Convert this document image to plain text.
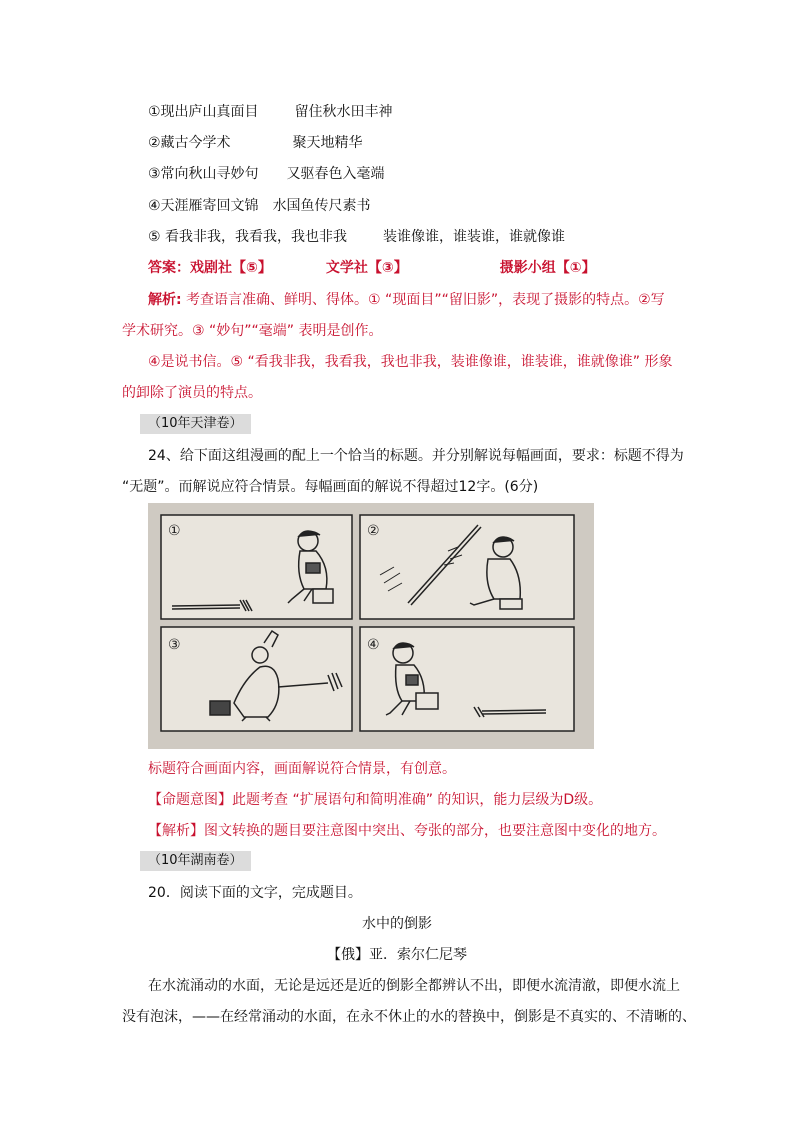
①现出庐山真面目	留住秋水田丰神
②藏古今学术	聚天地精华
③常向秋山寻妙句 又驱春色入毫端
④天涯雁寄回文锦 水国鱼传尺素书
⑤ 看我非我，我看我，我也非我	装谁像谁，谁装谁，谁就像谁
答案：戏剧社【⑤】	文学社【③】	摄影小组【①】
解析: 考查语言准确、鲜明、得体。① “现面目”“留旧影”，表现了摄影的特点。②写
学术研究。③ “妙句”“毫端” 表明是创作。
④是说书信。⑤ “看我非我，我看我，我也非我，装谁像谁，谁装谁，谁就像谁” 形象
的卸除了演员的特点。
（10年天津卷）
24、给下面这组漫画的配上一个恰当的标题。并分别解说每幅画面，要求：标题不得为
“无题”。而解说应符合情景。每幅画面的解说不得超过12字。(6分)
①	②
③	④
标题符合画面内容，画面解说符合情景，有创意。
【命题意图】此题考查 “扩展语句和简明准确” 的知识，能力层级为D级。
【解析】图文转换的题目要注意图中突出、夸张的部分，也要注意图中变化的地方。
（10年湖南卷）
20．阅读下面的文字，完成题目。
水中的倒影
【俄】亚．索尔仁尼琴
在水流涌动的水面，无论是远还是近的倒影全都辨认不出，即便水流清澈，即便水流上
没有泡沫，——在经常涌动的水面，在永不休止的水的替换中，倒影是不真实的、不清晰的、
